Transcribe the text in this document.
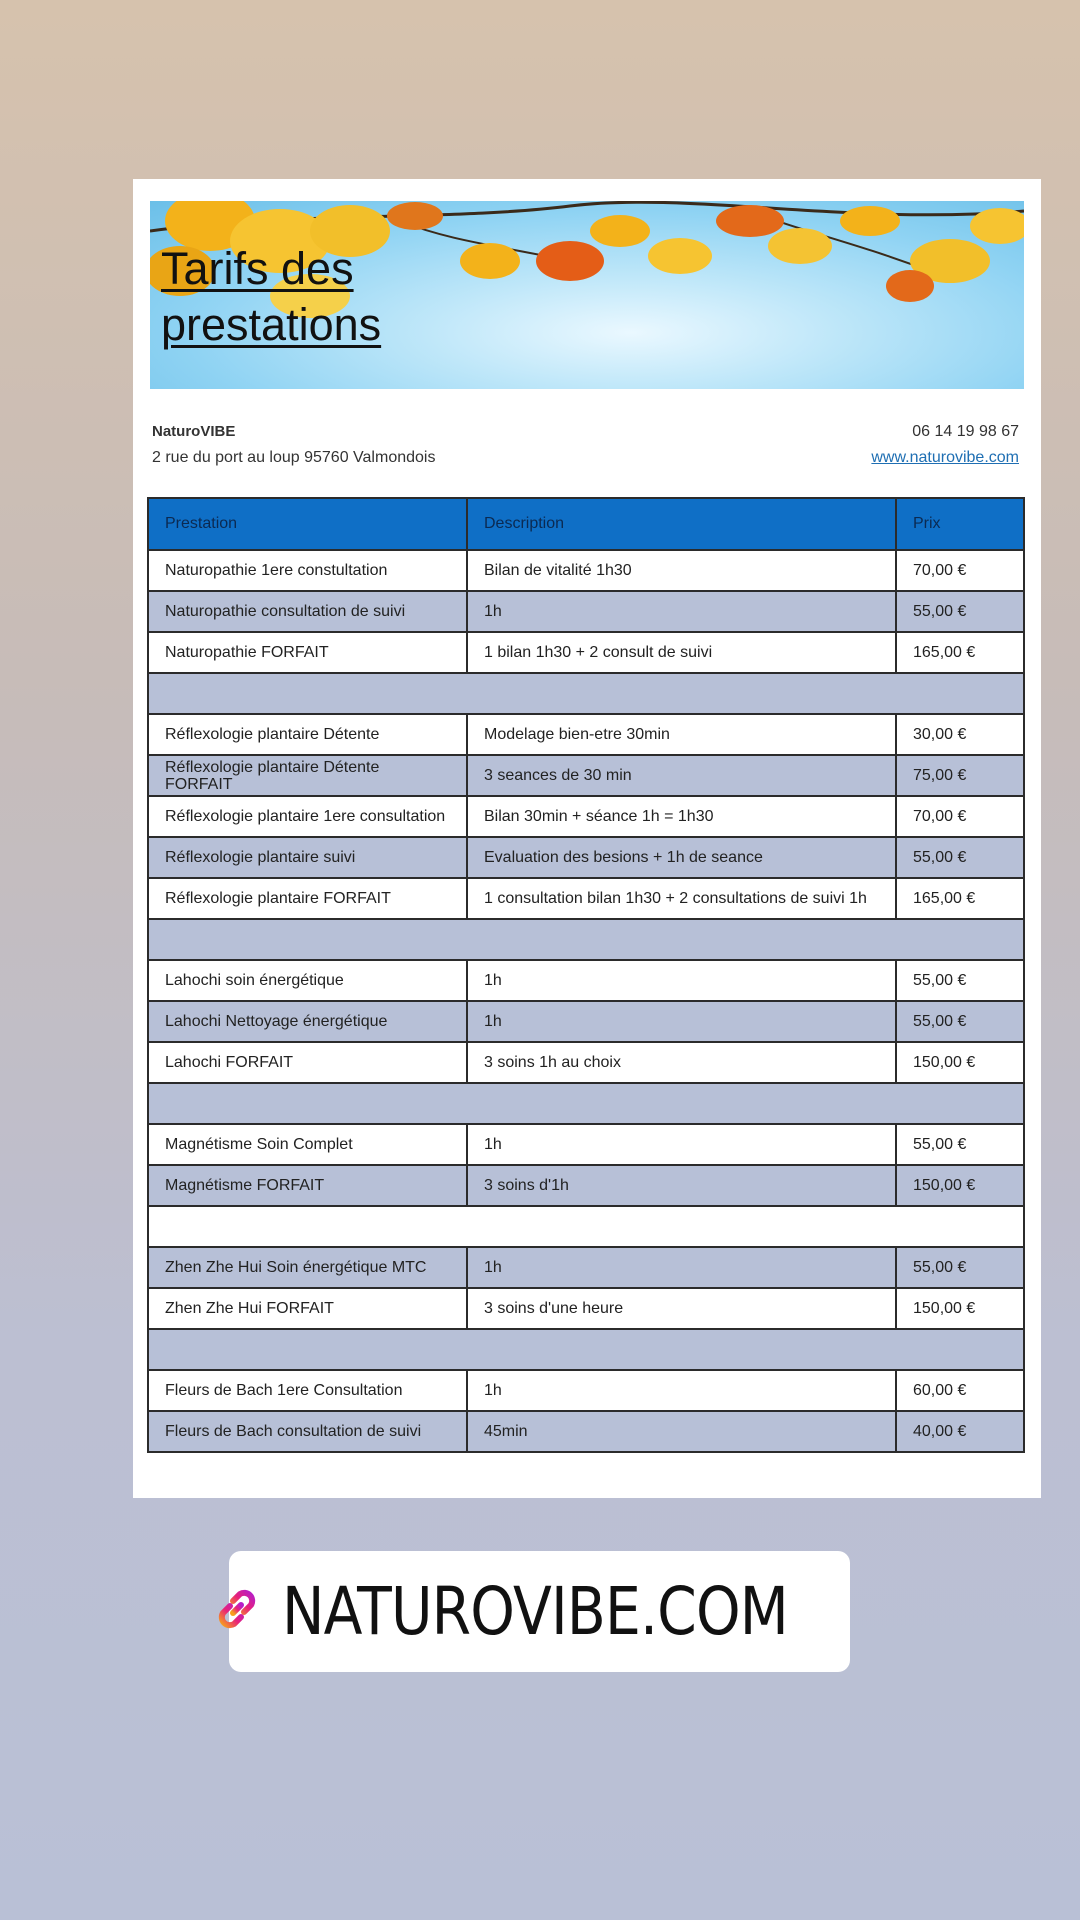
Tarifs des prestations
NaturoVIBE
2 rue du port au loup 95760 Valmondois
06 14 19 98 67
www.naturovibe.com
Prestation	Description	Prix
Naturopathie 1ere constultation	Bilan de vitalité 1h30	70,00 €
Naturopathie consultation de suivi	1h	55,00 €
Naturopathie FORFAIT	1 bilan 1h30 + 2 consult de suivi	165,00 €

Réflexologie plantaire Détente	Modelage bien-etre 30min	30,00 €
Réflexologie plantaire Détente FORFAIT	3 seances de 30 min	75,00 €
Réflexologie plantaire 1ere consultation	Bilan 30min + séance 1h = 1h30	70,00 €
Réflexologie plantaire suivi	Evaluation des besions + 1h de seance	55,00 €
Réflexologie plantaire FORFAIT	1 consultation bilan 1h30 + 2 consultations de suivi 1h	165,00 €

Lahochi soin énergétique	1h	55,00 €
Lahochi Nettoyage énergétique	1h	55,00 €
Lahochi FORFAIT	3 soins 1h au choix	150,00 €

Magnétisme Soin Complet	1h	55,00 €
Magnétisme FORFAIT	3 soins d'1h	150,00 €

Zhen Zhe Hui Soin énergétique MTC	1h	55,00 €
Zhen Zhe Hui FORFAIT	3 soins d'une heure	150,00 €

Fleurs de Bach 1ere Consultation	1h	60,00 €
Fleurs de Bach consultation de suivi	45min	40,00 €
NATUROVIBE.COM
